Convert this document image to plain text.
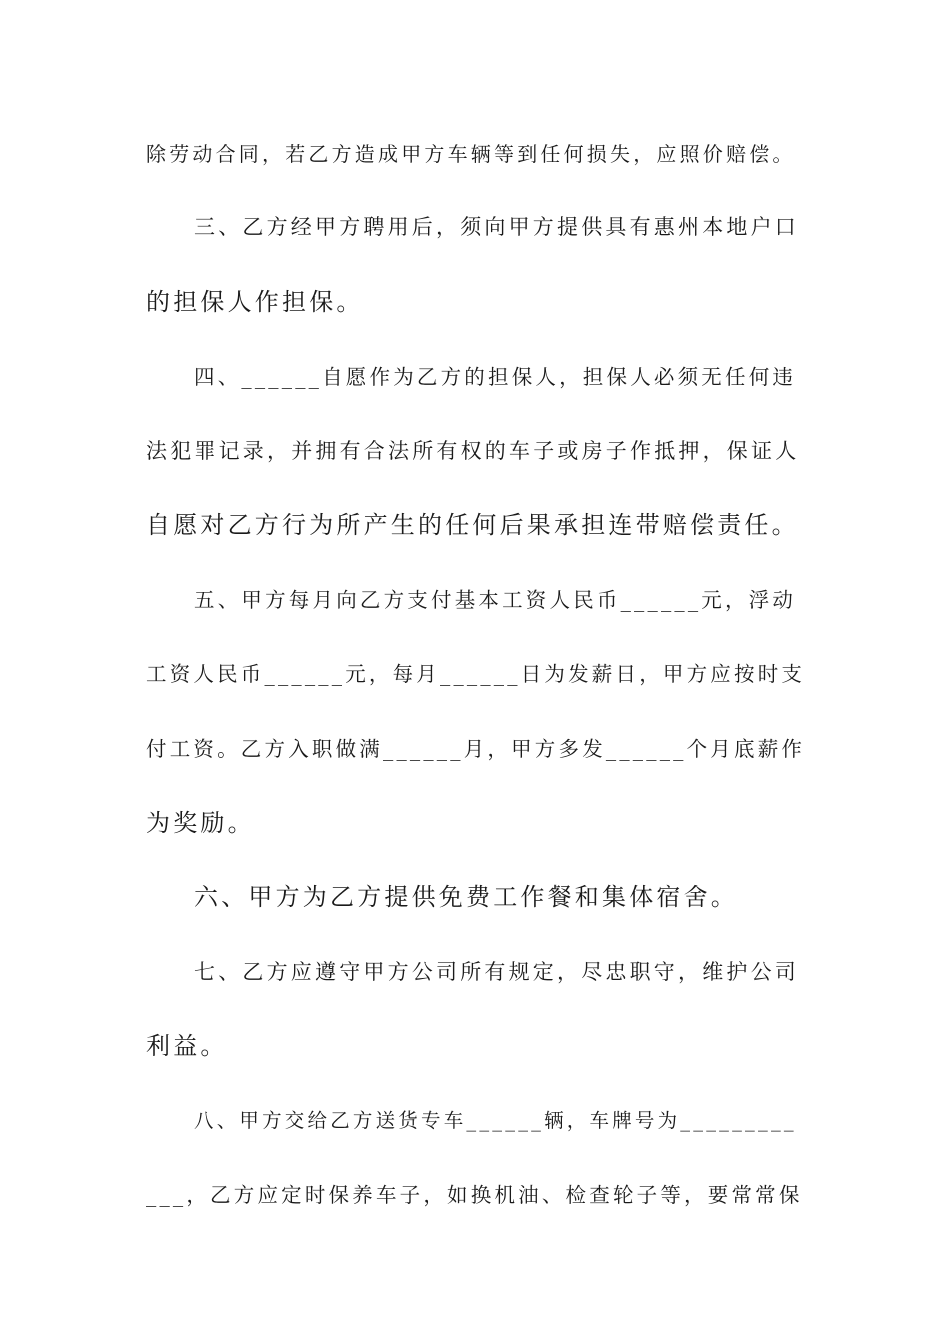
除劳动合同，若乙方造成甲方车辆等到任何损失，应照价赔偿。
三、乙方经甲方聘用后，须向甲方提供具有惠州本地户口
的担保人作担保。
四、______自愿作为乙方的担保人，担保人必须无任何违
法犯罪记录，并拥有合法所有权的车子或房子作抵押，保证人
自愿对乙方行为所产生的任何后果承担连带赔偿责任。
五、甲方每月向乙方支付基本工资人民币______元，浮动
工资人民币______元，每月______日为发薪日，甲方应按时支
付工资。乙方入职做满______月，甲方多发______个月底薪作
为奖励。
六、甲方为乙方提供免费工作餐和集体宿舍。
七、乙方应遵守甲方公司所有规定，尽忠职守，维护公司
利益。
八、甲方交给乙方送货专车______辆，车牌号为_________
___，乙方应定时保养车子，如换机油、检查轮子等，要常常保
